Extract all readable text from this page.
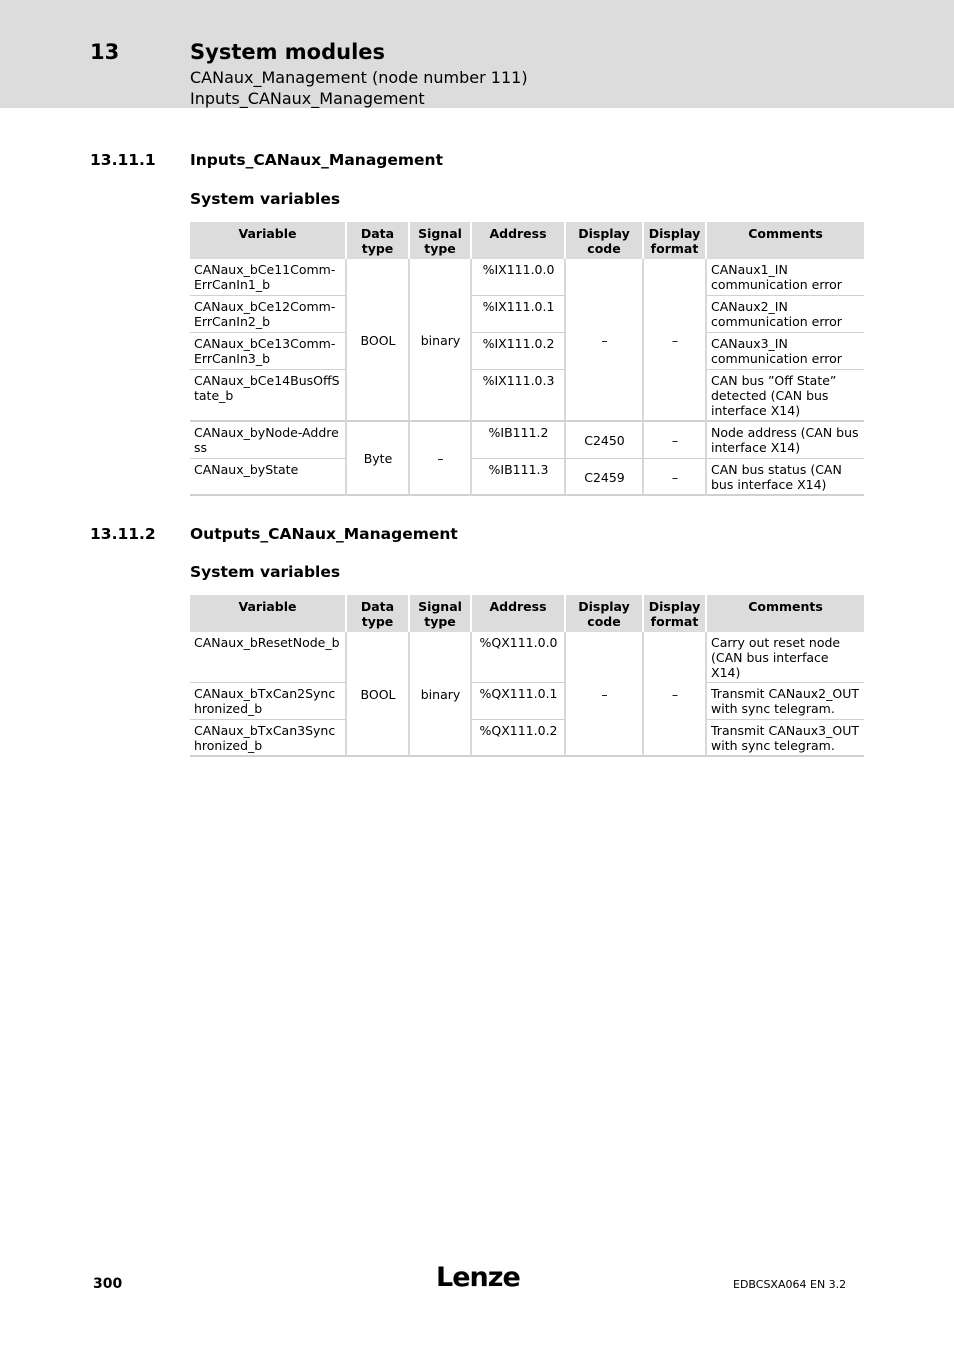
13	System modules
CANaux_Management (node number 111)
Inputs_CANaux_Management
13.11.1 Inputs_CANaux_Management
System variables
Variable	Data type	Signal type	Address	Display code	Display format	Comments
CANaux_bCe11Comm-ErrCanIn1_b	BOOL	binary	%IX111.0.0	–	–	CANaux1_IN communication error
CANaux_bCe12Comm-ErrCanIn2_b			%IX111.0.1			CANaux2_IN communication error
CANaux_bCe13Comm-ErrCanIn3_b			%IX111.0.2			CANaux3_IN communication error
CANaux_bCe14BusOffState_b			%IX111.0.3			CAN bus ”Off State” detected (CAN bus interface X14)
CANaux_byNode-Address	Byte	–	%IB111.2	C2450	–	Node address (CAN bus interface X14)
CANaux_byState			%IB111.3	C2459	–	CAN bus status (CAN bus interface X14)
13.11.2 Outputs_CANaux_Management
System variables
Variable	Data type	Signal type	Address	Display code	Display format	Comments
CANaux_bResetNode_b	BOOL	binary	%QX111.0.0	–	–	Carry out reset node (CAN bus interface X14)
CANaux_bTxCan2Synchronized_b			%QX111.0.1			Transmit CANaux2_OUT with sync telegram.
CANaux_bTxCan3Synchronized_b			%QX111.0.2			Transmit CANaux3_OUT with sync telegram.
300	Lenze	EDBCSXA064 EN 3.2
